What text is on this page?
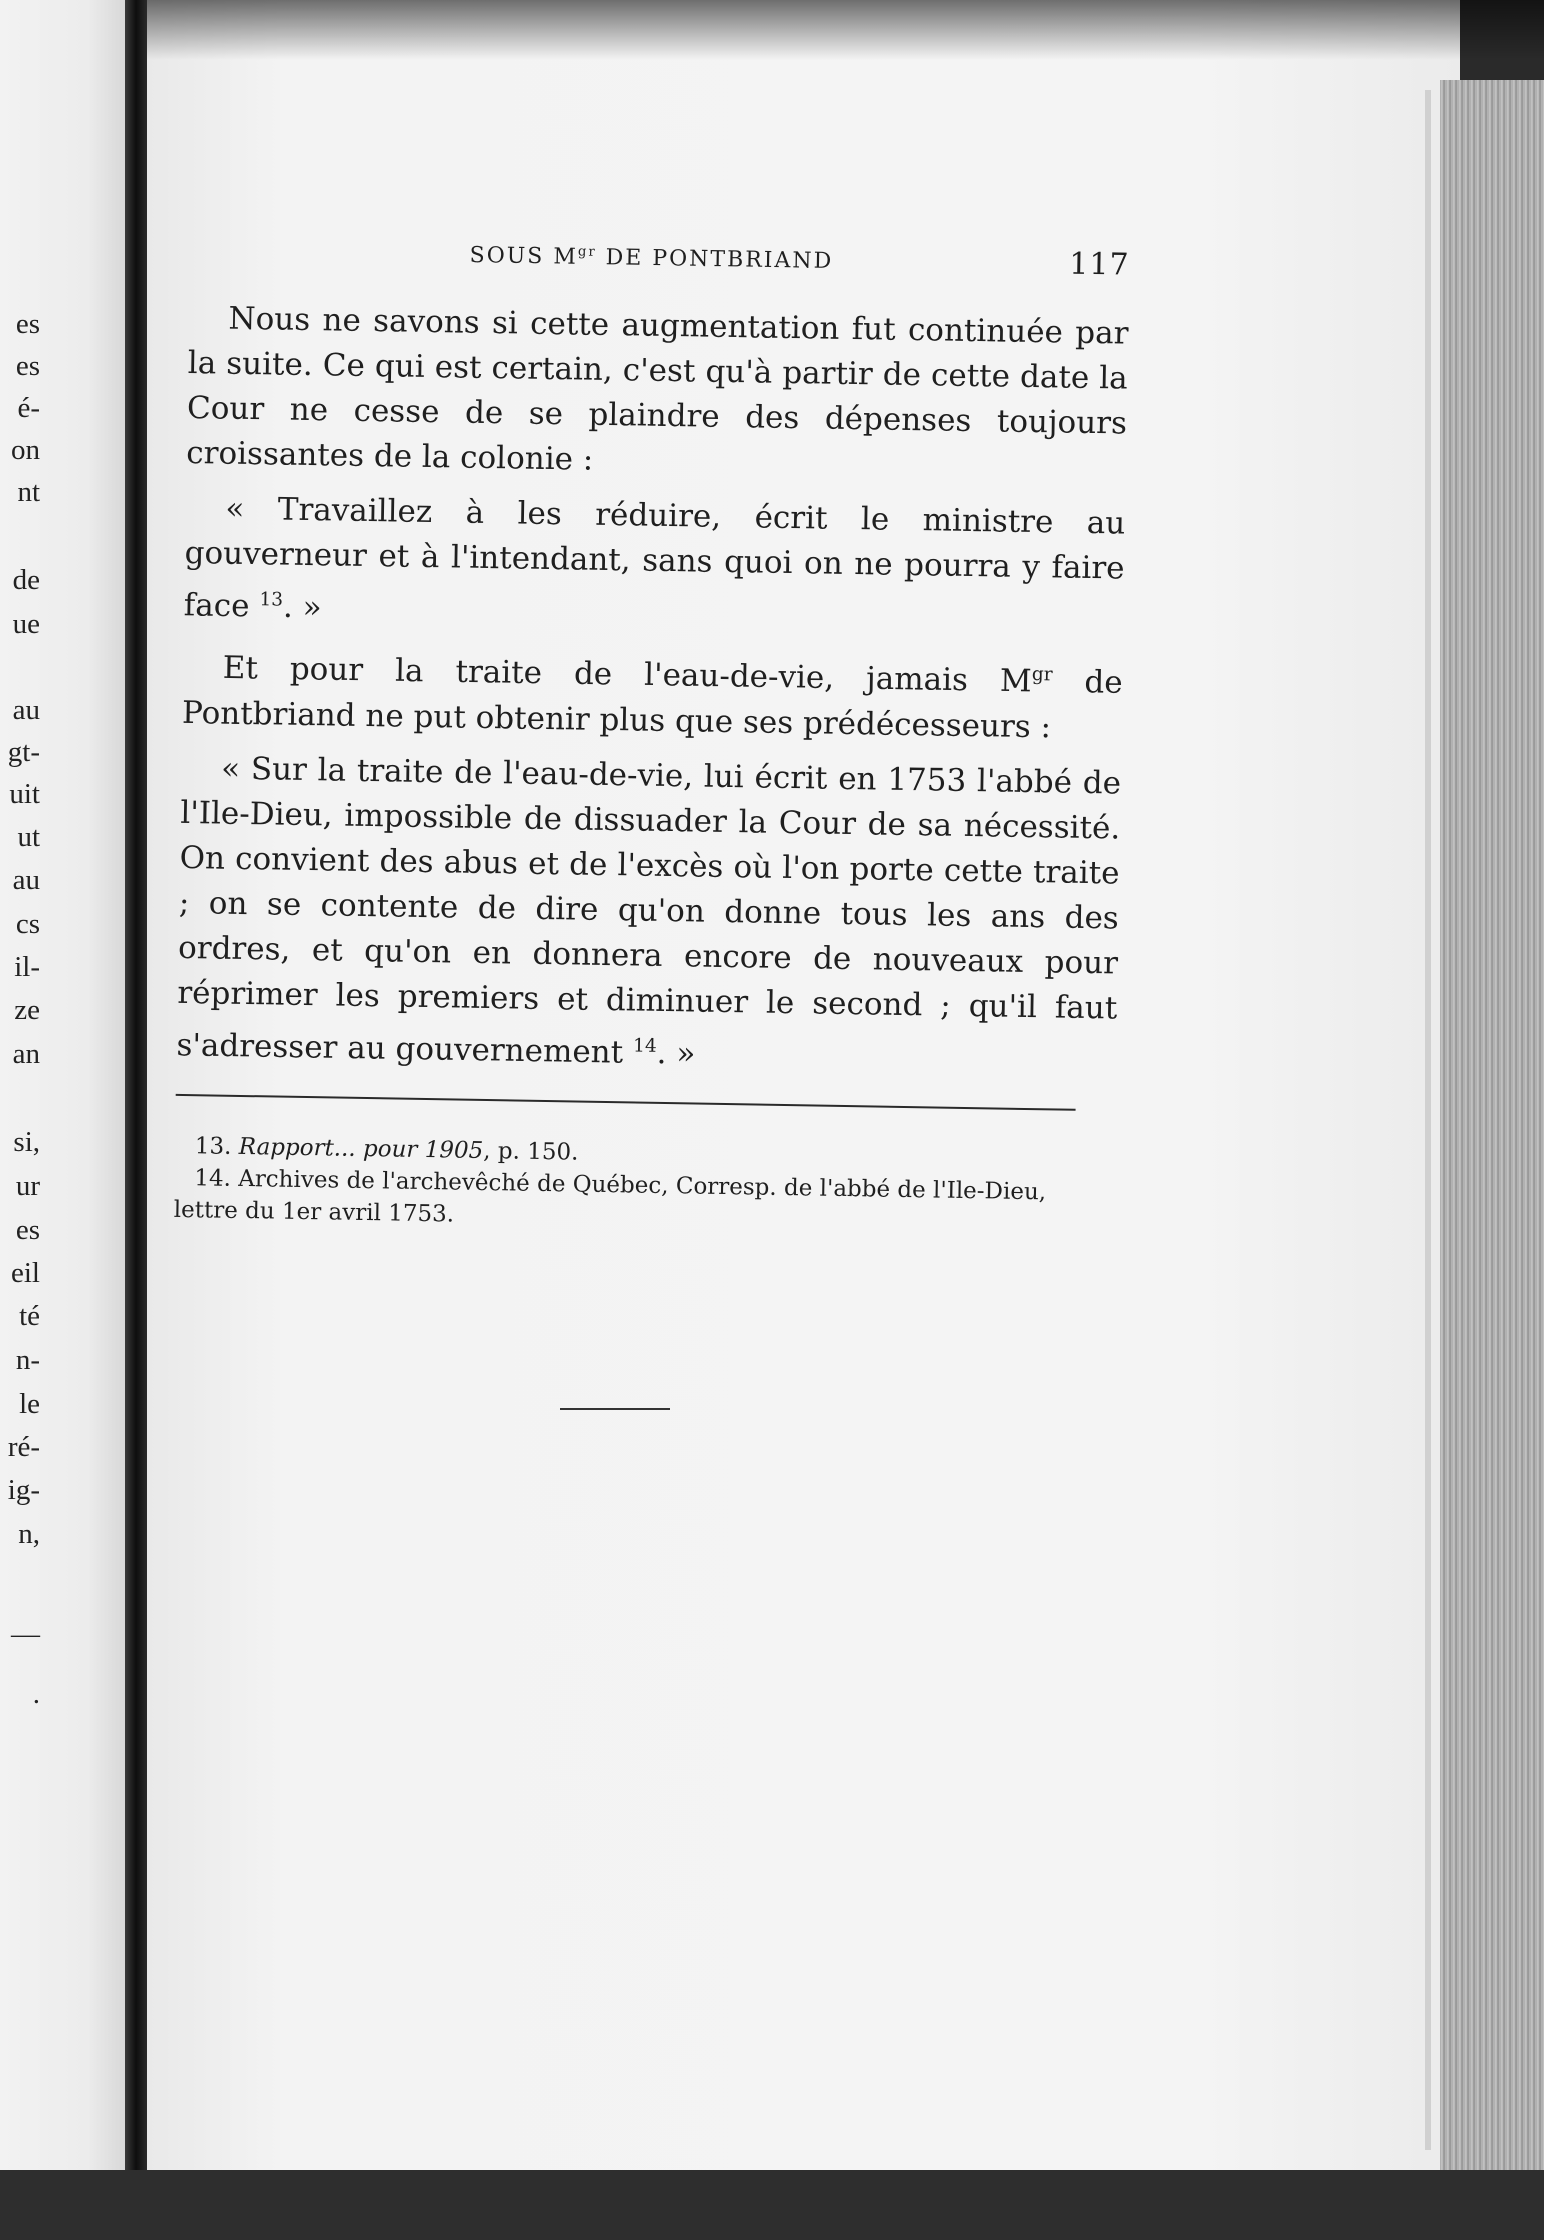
es
es
é-
on
nt
de
ue
au
gt-
uit
ut
au
cs
il-
ze
an
si,
ur
es
eil
té
n-
le
ré-
ig-
n,
—
.
SOUS $M^{gr}$ DE PONTBRIAND	117

Nous ne savons si cette augmentation fut continuée par la suite. Ce qui est certain, c'est qu'à partir de cette date la Cour ne cesse de se plaindre des dépenses toujours croissantes de la colonie :

« Travaillez à les réduire, écrit le ministre au gouverneur et à l'intendant, sans quoi on ne pourra y faire face $^{13}$. »

Et pour la traite de l'eau-de-vie, jamais $M^{gr}$ de Pontbriand ne put obtenir plus que ses prédécesseurs :

« Sur la traite de l'eau-de-vie, lui écrit en 1753 l'abbé de l'Ile-Dieu, impossible de dissuader la Cour de sa nécessité. On convient des abus et de l'excès où l'on porte cette traite ; on se contente de dire qu'on donne tous les ans des ordres, et qu'on en donnera encore de nouveaux pour réprimer les premiers et diminuer le second ; qu'il faut s'adresser au gouvernement $^{14}$. »

13. Rapport... pour 1905, p. 150.

14. Archives de l'archevêché de Québec, Corresp. de l'abbé de l'Ile-Dieu, lettre du 1er avril 1753.
